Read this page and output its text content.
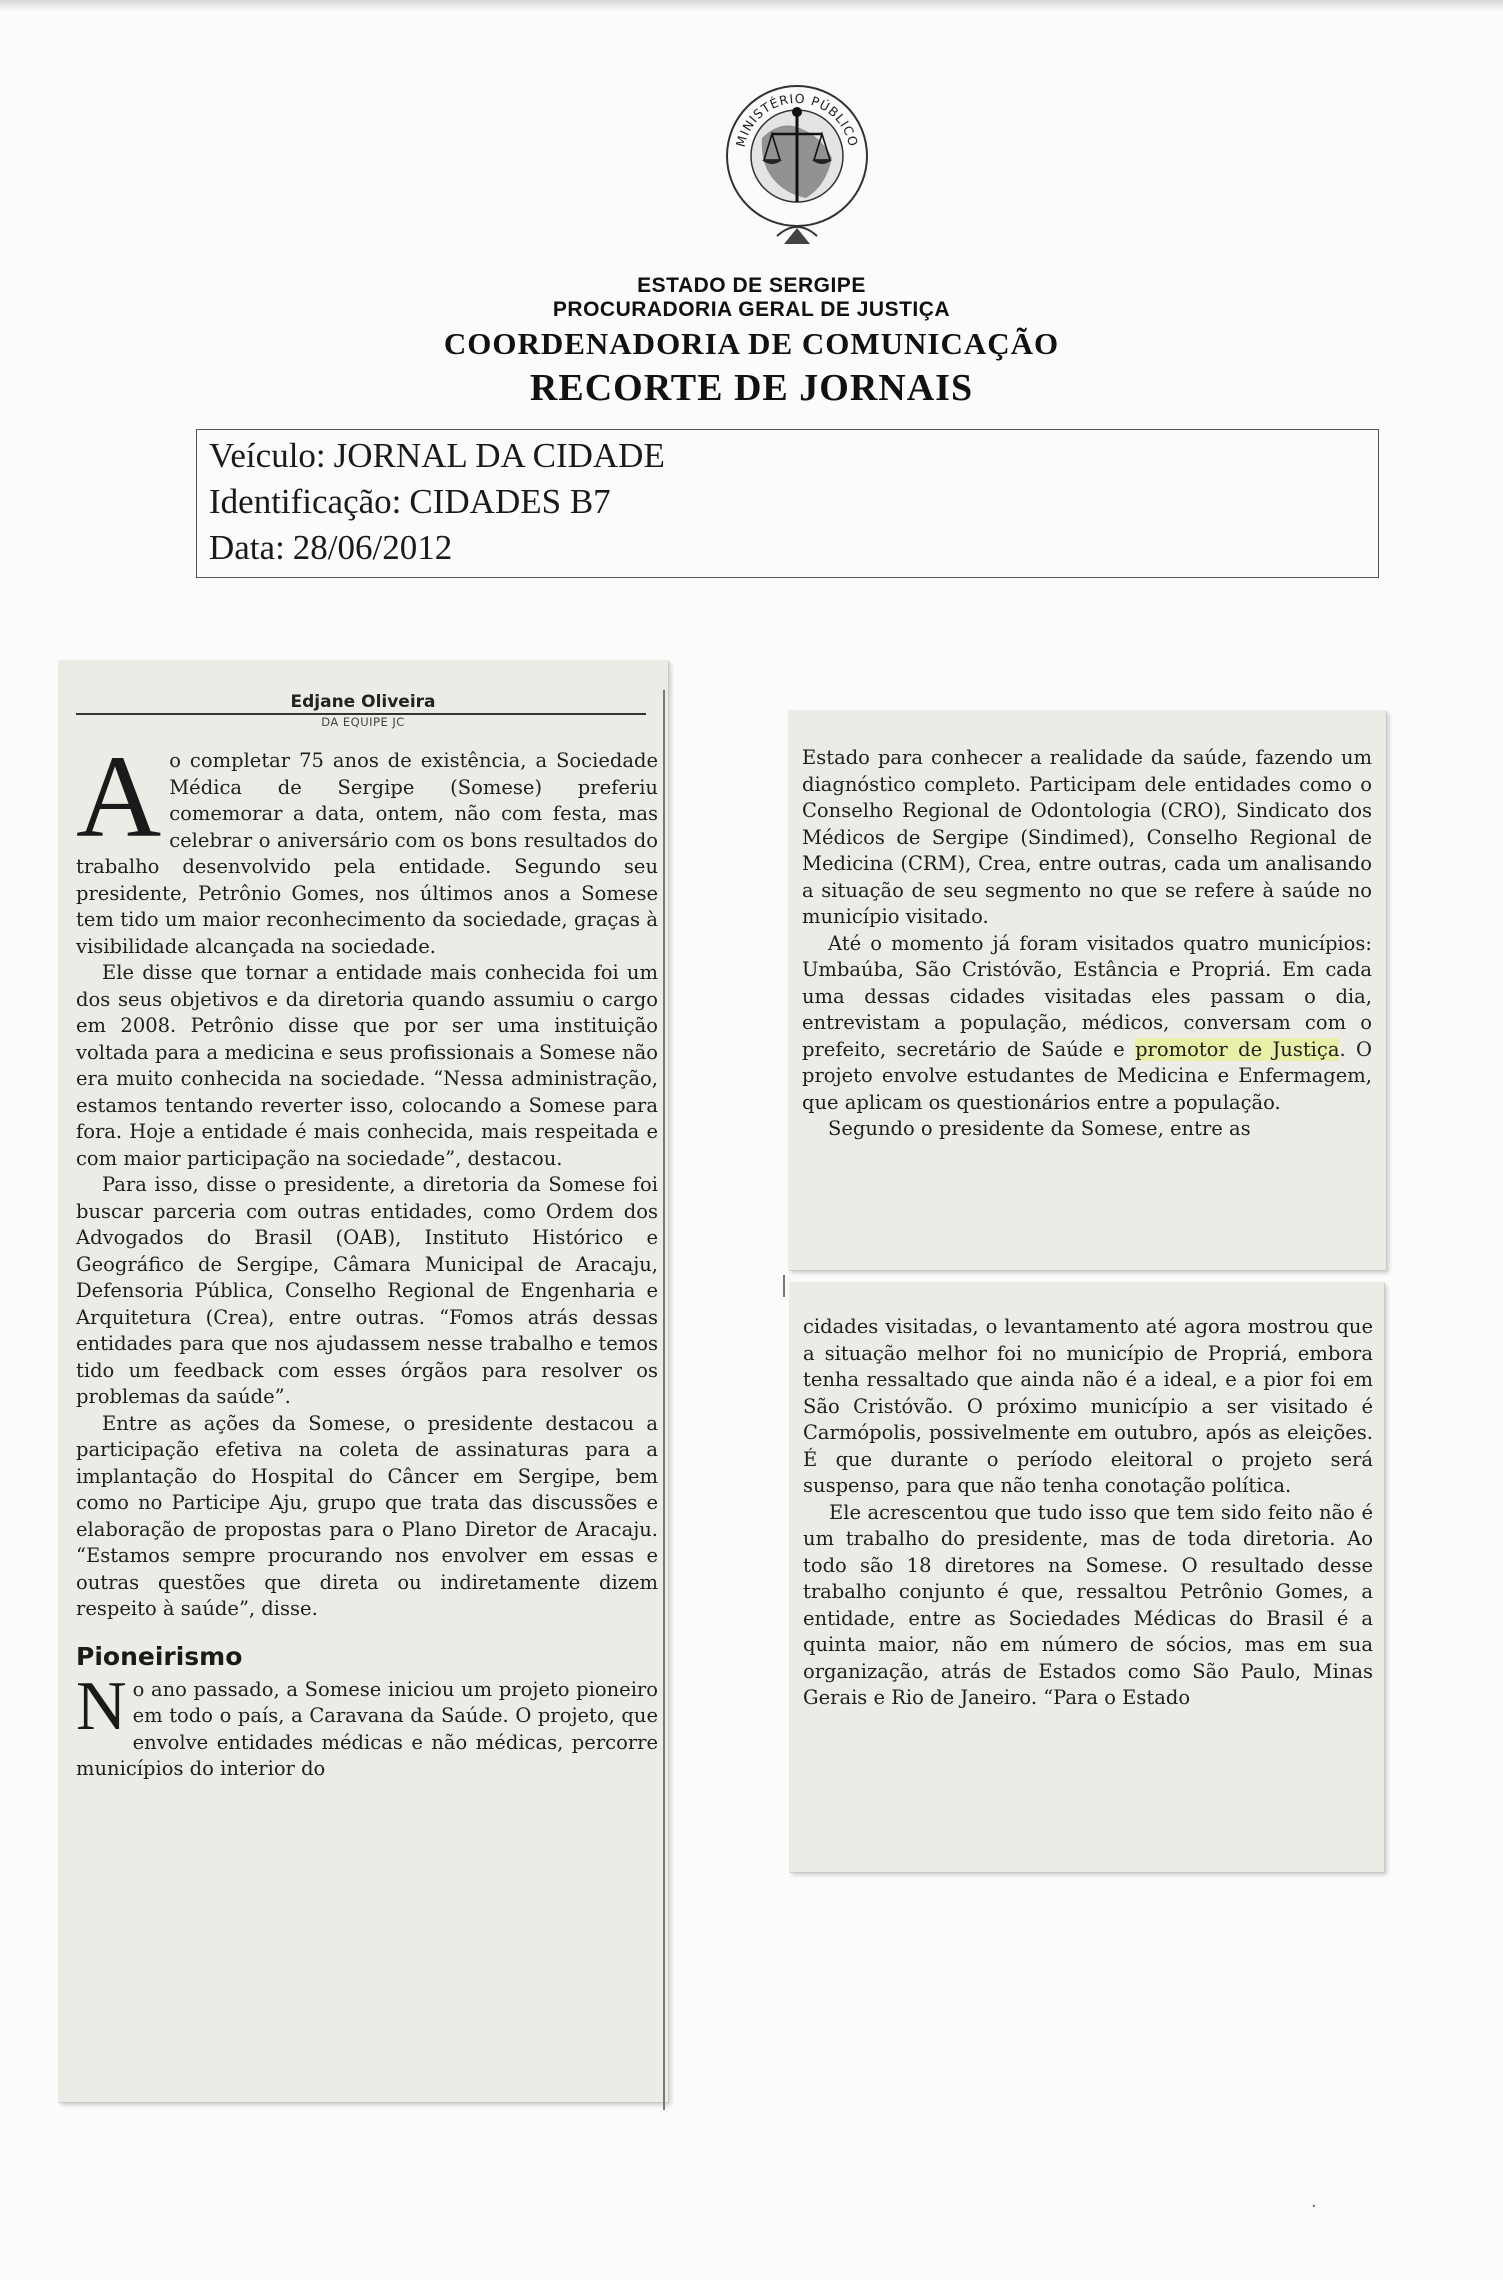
MINISTÉRIO PÚBLICO
ESTADO DE SERGIPE
PROCURADORIA GERAL DE JUSTIÇA
COORDENADORIA DE COMUNICAÇÃO
RECORTE DE JORNAIS
Veículo: JORNAL DA CIDADE
Identificação: CIDADES B7
Data: 28/06/2012
Edjane Oliveira
DA EQUIPE JC

Ao completar 75 anos de existência, a Sociedade Médica de Sergipe (Somese) preferiu comemorar a data, ontem, não com festa, mas celebrar o aniversário com os bons resultados do trabalho desenvolvido pela entidade. Segundo seu presidente, Petrônio Gomes, nos últimos anos a Somese tem tido um maior reconhecimento da sociedade, graças à visibilidade alcançada na sociedade.

Ele disse que tornar a entidade mais conhecida foi um dos seus objetivos e da diretoria quando assumiu o cargo em 2008. Petrônio disse que por ser uma instituição voltada para a medicina e seus profissionais a Somese não era muito conhecida na sociedade. “Nessa administração, estamos tentando reverter isso, colocando a Somese para fora. Hoje a entidade é mais conhecida, mais respeitada e com maior participação na sociedade”, destacou.

Para isso, disse o presidente, a diretoria da Somese foi buscar parceria com outras entidades, como Ordem dos Advogados do Brasil (OAB), Instituto Histórico e Geográfico de Sergipe, Câmara Municipal de Aracaju, Defensoria Pública, Conselho Regional de Engenharia e Arquitetura (Crea), entre outras. “Fomos atrás dessas entidades para que nos ajudassem nesse trabalho e temos tido um feedback com esses órgãos para resolver os problemas da saúde”.

Entre as ações da Somese, o presidente destacou a participação efetiva na coleta de assinaturas para a implantação do Hospital do Câncer em Sergipe, bem como no Participe Aju, grupo que trata das discussões e elaboração de propostas para o Plano Diretor de Aracaju. “Estamos sempre procurando nos envolver em essas e outras questões que direta ou indiretamente dizem respeito à saúde”, disse.

Pioneirismo

No ano passado, a Somese iniciou um projeto pioneiro em todo o país, a Caravana da Saúde. O projeto, que envolve entidades médicas e não médicas, percorre municípios do interior do

Estado para conhecer a realidade da saúde, fazendo um diagnóstico completo. Participam dele entidades como o Conselho Regional de Odontologia (CRO), Sindicato dos Médicos de Sergipe (Sindimed), Conselho Regional de Medicina (CRM), Crea, entre outras, cada um analisando a situação de seu segmento no que se refere à saúde no município visitado.

Até o momento já foram visitados quatro municípios: Umbaúba, São Cristóvão, Estância e Propriá. Em cada uma dessas cidades visitadas eles passam o dia, entrevistam a população, médicos, conversam com o prefeito, secretário de Saúde e promotor de Justiça. O projeto envolve estudantes de Medicina e Enfermagem, que aplicam os questionários entre a população.

Segundo o presidente da Somese, entre as

cidades visitadas, o levantamento até agora mostrou que a situação melhor foi no município de Propriá, embora tenha ressaltado que ainda não é a ideal, e a pior foi em São Cristóvão. O próximo município a ser visitado é Carmópolis, possivelmente em outubro, após as eleições. É que durante o período eleitoral o projeto será suspenso, para que não tenha conotação política.

Ele acrescentou que tudo isso que tem sido feito não é um trabalho do presidente, mas de toda diretoria. Ao todo são 18 diretores na Somese. O resultado desse trabalho conjunto é que, ressaltou Petrônio Gomes, a entidade, entre as Sociedades Médicas do Brasil é a quinta maior, não em número de sócios, mas em sua organização, atrás de Estados como São Paulo, Minas Gerais e Rio de Janeiro. “Para o Estado

·
